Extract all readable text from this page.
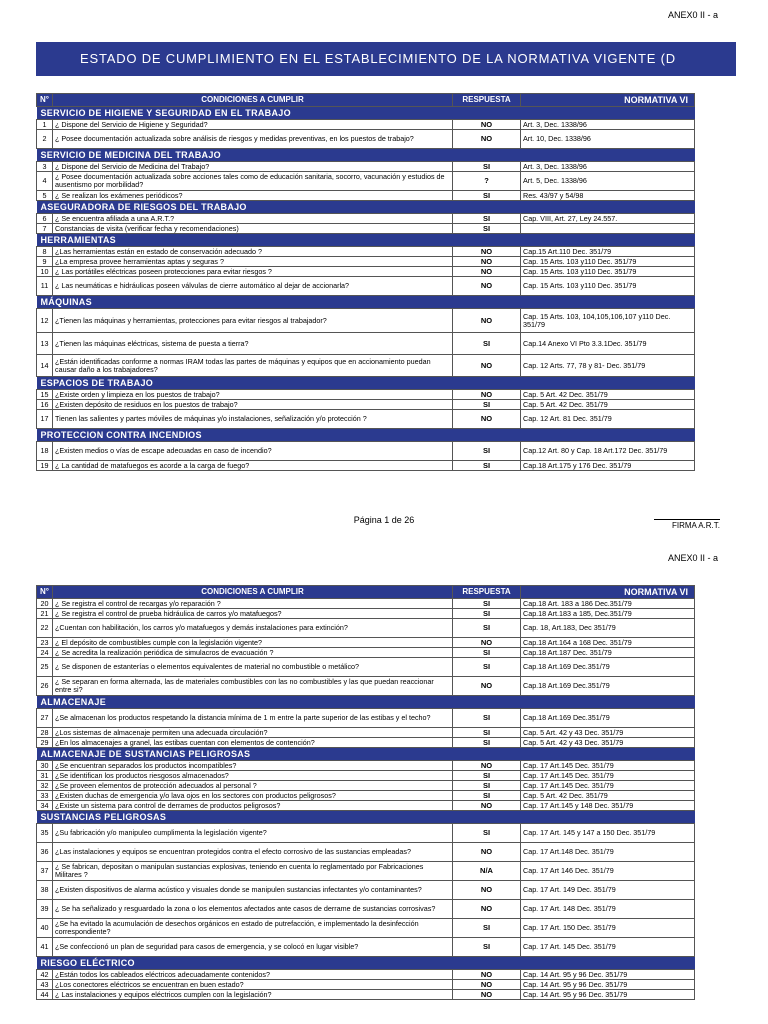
ANEX0 II - a
ESTADO DE CUMPLIMIENTO EN EL ESTABLECIMIENTO DE LA NORMATIVA VIGENTE (D
N°	CONDICIONES A CUMPLIR	RESPUESTA	NORMATIVA VI
SERVICIO DE HIGIENE Y SEGURIDAD EN EL TRABAJO			
1	¿ Dispone del Servicio de Higiene y Seguridad?	NO	Art. 3, Dec. 1338/96
2	¿ Posee documentación actualizada sobre análisis de riesgos y medidas preventivas, en los puestos de trabajo?	NO	Art. 10, Dec. 1338/96
SERVICIO DE MEDICINA DEL TRABAJO			
3	¿ Dispone del Servicio de Medicina del Trabajo?	SI	Art. 3, Dec. 1338/96
4	¿ Posee documentación actualizada sobre acciones tales como de educación sanitaria, socorro, vacunación y estudios de ausentismo por morbilidad?	?	Art. 5, Dec. 1338/96
5	¿ Se realizan los exámenes periódicos?	SI	Res. 43/97 y 54/98
ASEGURADORA DE RIESGOS DEL TRABAJO			
6	¿ Se encuentra afiliada a una A.R.T.?	SI	Cap. VIII, Art. 27, Ley 24.557.
7	Constancias de visita (verificar fecha y recomendaciones)	SI	
HERRAMIENTAS			
8	¿Las herramientas están en estado de conservación adecuado ?	NO	Cap.15 Art.110 Dec. 351/79
9	¿La empresa provee herramientas aptas y seguras ?	NO	Cap. 15 Arts. 103 y110 Dec. 351/79
10	¿ Las portátiles eléctricas poseen protecciones para evitar riesgos ?	NO	Cap. 15 Arts. 103 y110 Dec. 351/79
11	¿ Las neumáticas e hidráulicas poseen válvulas de cierre automático al dejar de accionarla?	NO	Cap. 15 Arts. 103 y110 Dec. 351/79
MÁQUINAS			
12	¿Tienen las máquinas y herramientas, protecciones para evitar riesgos al trabajador?	NO	Cap. 15 Arts. 103, 104,105,106,107 y110 Dec. 351/79
13	¿Tienen las máquinas eléctricas, sistema de puesta a tierra?	SI	Cap.14 Anexo VI Pto 3.3.1Dec. 351/79
14	¿Están identificadas conforme a normas IRAM todas las partes de máquinas y equipos que en accionamiento puedan causar daño a los trabajadores?	NO	Cap. 12 Arts. 77, 78 y 81- Dec. 351/79
ESPACIOS DE TRABAJO			
15	¿Existe orden y limpieza en los puestos de trabajo?	NO	Cap. 5 Art. 42 Dec. 351/79
16	¿Existen depósito de residuos en los puestos de trabajo?	SI	Cap. 5 Art. 42 Dec. 351/79
17	Tienen las salientes y partes móviles de máquinas y/o instalaciones, señalización y/o protección ?	NO	Cap. 12 Art. 81 Dec. 351/79
PROTECCION CONTRA INCENDIOS			
18	¿Existen medios o vías de escape adecuadas en caso de incendio?	SI	Cap.12 Art. 80 y Cap. 18 Art.172 Dec. 351/79
19	¿ La cantidad de matafuegos es acorde a la carga de fuego?	SI	Cap.18 Art.175 y 176 Dec. 351/79
Página 1 de 26
FIRMA A.R.T.
ANEX0 II - a
N°	CONDICIONES A CUMPLIR	RESPUESTA	NORMATIVA VI
20	¿ Se registra el control de recargas y/o reparación ?	SI	Cap.18 Art. 183 a 186 Dec.351/79
21	¿ Se registra el control de prueba hidráulica de carros y/o matafuegos?	SI	Cap.18 Art.183 a 185, Dec.351/79
22	¿Cuentan con habilitación, los carros y/o matafuegos y demás instalaciones para extinción?	SI	Cap. 18, Art.183, Dec 351/79
23	¿ El depósito de combustibles cumple con la legislación vigente?	NO	Cap.18 Art.164 a 168 Dec. 351/79
24	¿ Se acredita la realización periódica de simulacros de evacuación ?	SI	Cap.18 Art.187 Dec. 351/79
25	¿ Se disponen de estanterías o elementos equivalentes de material no combustible o metálico?	SI	Cap.18 Art.169 Dec.351/79
26	¿ Se separan en forma alternada, las de materiales combustibles con las no combustibles y las que puedan reaccionar entre si?	NO	Cap.18 Art.169 Dec.351/79
ALMACENAJE			
27	¿Se almacenan los productos respetando la distancia mínima de 1 m entre la parte superior de las estibas y el techo?	SI	Cap.18 Art.169 Dec.351/79
28	¿Los sistemas de almacenaje permiten una adecuada circulación?	SI	Cap. 5 Art. 42 y 43 Dec. 351/79
29	¿En los almacenajes a granel, las estibas cuentan con elementos de contención?	SI	Cap. 5 Art. 42 y 43 Dec. 351/79
ALMACENAJE DE SUSTANCIAS PELIGROSAS			
30	¿Se encuentran separados los productos incompatibles?	NO	Cap. 17 Art.145 Dec. 351/79
31	¿Se identifican los productos riesgosos almacenados?	SI	Cap. 17 Art.145 Dec. 351/79
32	¿Se proveen elementos de protección adecuados al personal ?	SI	Cap. 17 Art.145 Dec. 351/79
33	¿Existen duchas de emergencia y/o lava ojos en los sectores con productos peligrosos?	SI	Cap. 5 Art. 42 Dec. 351/79
34	¿Existe un sistema para control de derrames de productos peligrosos?	NO	Cap. 17 Art.145 y 148 Dec. 351/79
SUSTANCIAS PELIGROSAS			
35	¿Su fabricación y/o manipuleo cumplimenta la legislación vigente?	SI	Cap. 17 Art. 145 y 147 a 150 Dec. 351/79
36	¿Las instalaciones y equipos se encuentran protegidos contra el efecto corrosivo de las sustancias empleadas?	NO	Cap. 17 Art.148 Dec. 351/79
37	¿ Se fabrican, depositan o manipulan sustancias explosivas, teniendo en cuenta lo reglamentado por Fabricaciones Militares ?	N/A	Cap. 17 Art 146 Dec. 351/79
38	¿Existen dispositivos de alarma acústico y visuales donde se manipulen sustancias infectantes y/o contaminantes?	NO	Cap. 17 Art. 149 Dec. 351/79
39	¿ Se ha señalizado y resguardado la zona o los elementos afectados ante casos de derrame de sustancias corrosivas?	NO	Cap. 17 Art. 148 Dec. 351/79
40	¿Se ha evitado la acumulación de desechos orgánicos en estado de putrefacción, e implementado la desinfección correspondiente?	SI	Cap. 17 Art. 150 Dec. 351/79
41	¿Se confeccionó un plan de seguridad para casos de emergencia, y se colocó en lugar visible?	SI	Cap. 17 Art. 145 Dec. 351/79
RIESGO ELÉCTRICO			
42	¿Están todos los cableados eléctricos adecuadamente contenidos?	NO	Cap. 14 Art. 95 y 96 Dec. 351/79
43	¿Los conectores eléctricos se encuentran en buen estado?	NO	Cap. 14 Art. 95 y 96 Dec. 351/79
44	¿ Las instalaciones y equipos eléctricos cumplen con la legislación?	NO	Cap. 14 Art. 95 y 96 Dec. 351/79
